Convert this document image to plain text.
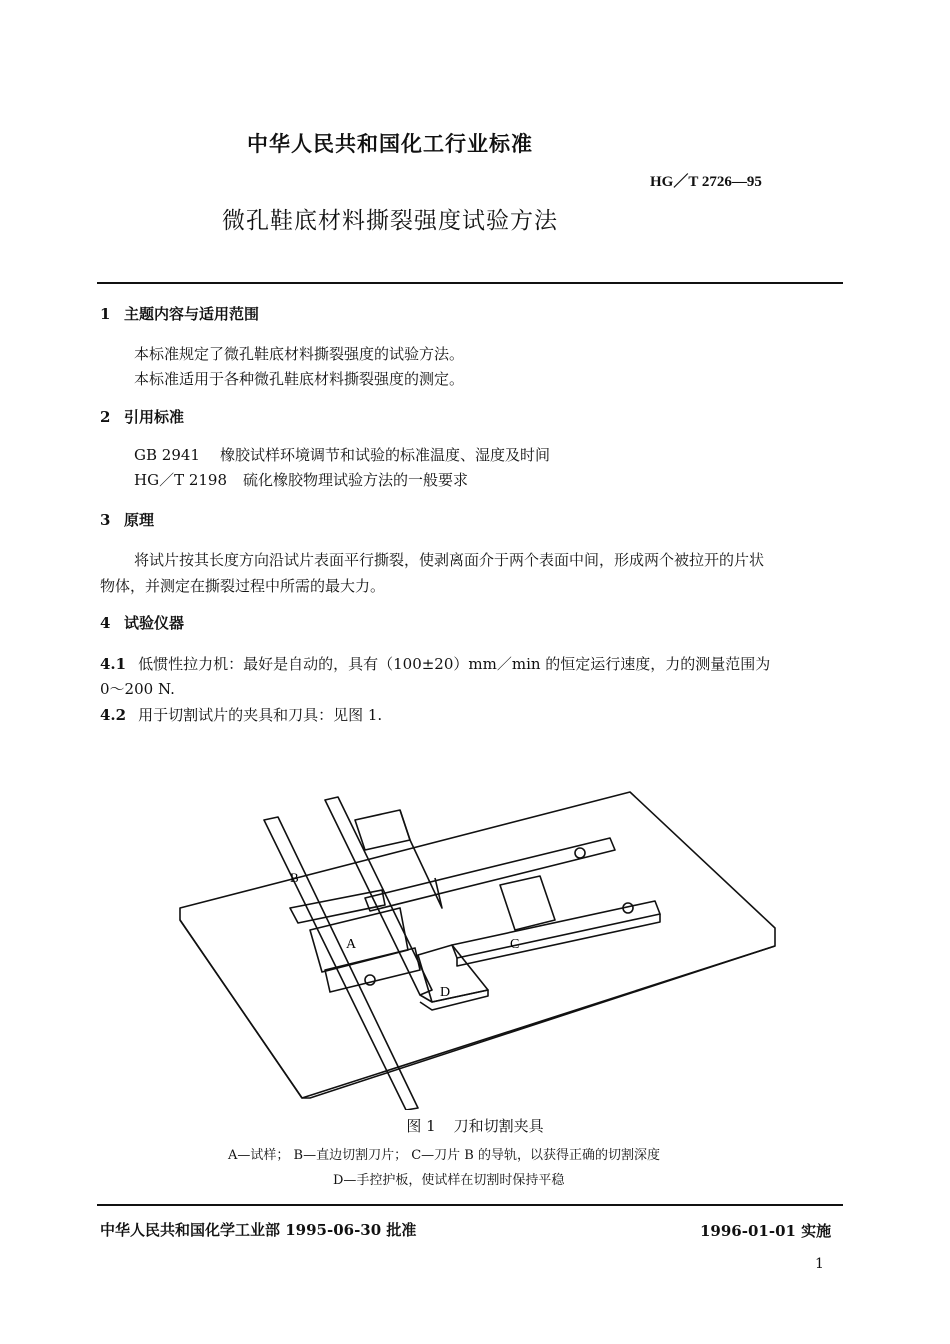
中华人民共和国化工行业标准
HG／T 2726—95
微孔鞋底材料撕裂强度试验方法
1 主题内容与适用范围
本标准规定了微孔鞋底材料撕裂强度的试验方法。
本标准适用于各种微孔鞋底材料撕裂强度的测定。
2 引用标准
GB 2941 橡胶试样环境调节和试验的标准温度、湿度及时间
HG／T 2198 硫化橡胶物理试验方法的一般要求
3 原理
将试片按其长度方向沿试片表面平行撕裂，使剥离面介于两个表面中间，形成两个被拉开的片状
物体，并测定在撕裂过程中所需的最大力。
4 试验仪器
4.1 低惯性拉力机：最好是自动的，具有（100±20）mm／min 的恒定运行速度，力的测量范围为
0～200 N.
4.2 用于切割试片的夹具和刀具：见图 1.
B
A	C
D
图 1 刀和切割夹具
A—试样； B—直边切割刀片； C—刀片 B 的导轨，以获得正确的切割深度
D—手控护板，使试样在切割时保持平稳
中华人民共和国化学工业部 1995-06-30 批准	1996-01-01 实施
1
